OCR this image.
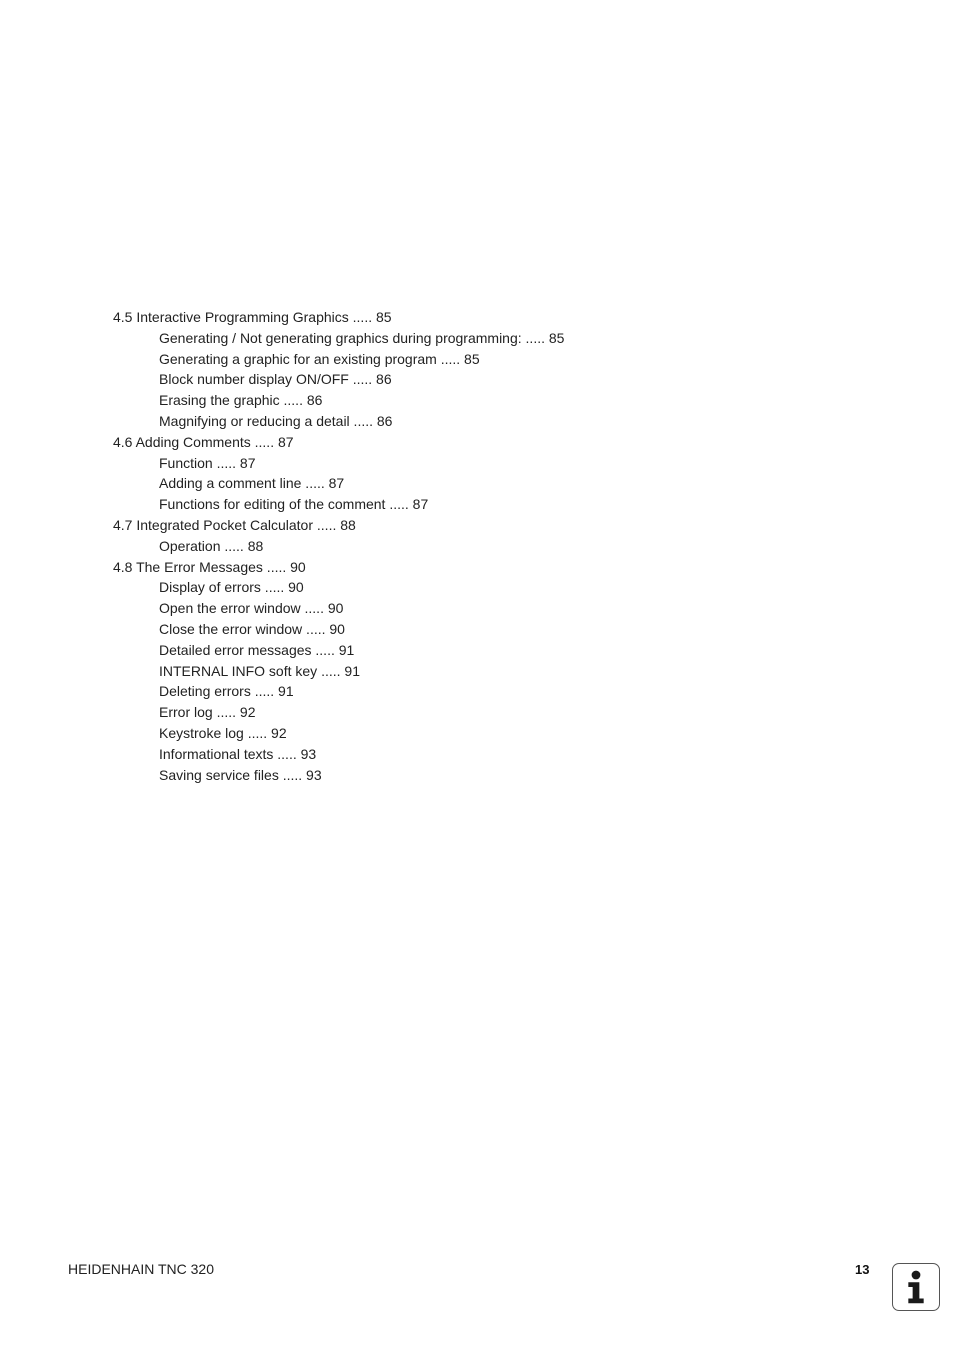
4.5 Interactive Programming Graphics ..... 85
Generating / Not generating graphics during programming: ..... 85
Generating a graphic for an existing program ..... 85
Block number display ON/OFF ..... 86
Erasing the graphic ..... 86
Magnifying or reducing a detail ..... 86
4.6 Adding Comments ..... 87
Function ..... 87
Adding a comment line ..... 87
Functions for editing of the comment ..... 87
4.7 Integrated Pocket Calculator ..... 88
Operation ..... 88
4.8 The Error Messages ..... 90
Display of errors ..... 90
Open the error window ..... 90
Close the error window ..... 90
Detailed error messages ..... 91
INTERNAL INFO soft key ..... 91
Deleting errors ..... 91
Error log ..... 92
Keystroke log ..... 92
Informational texts ..... 93
Saving service files ..... 93
HEIDENHAIN TNC 320	13
